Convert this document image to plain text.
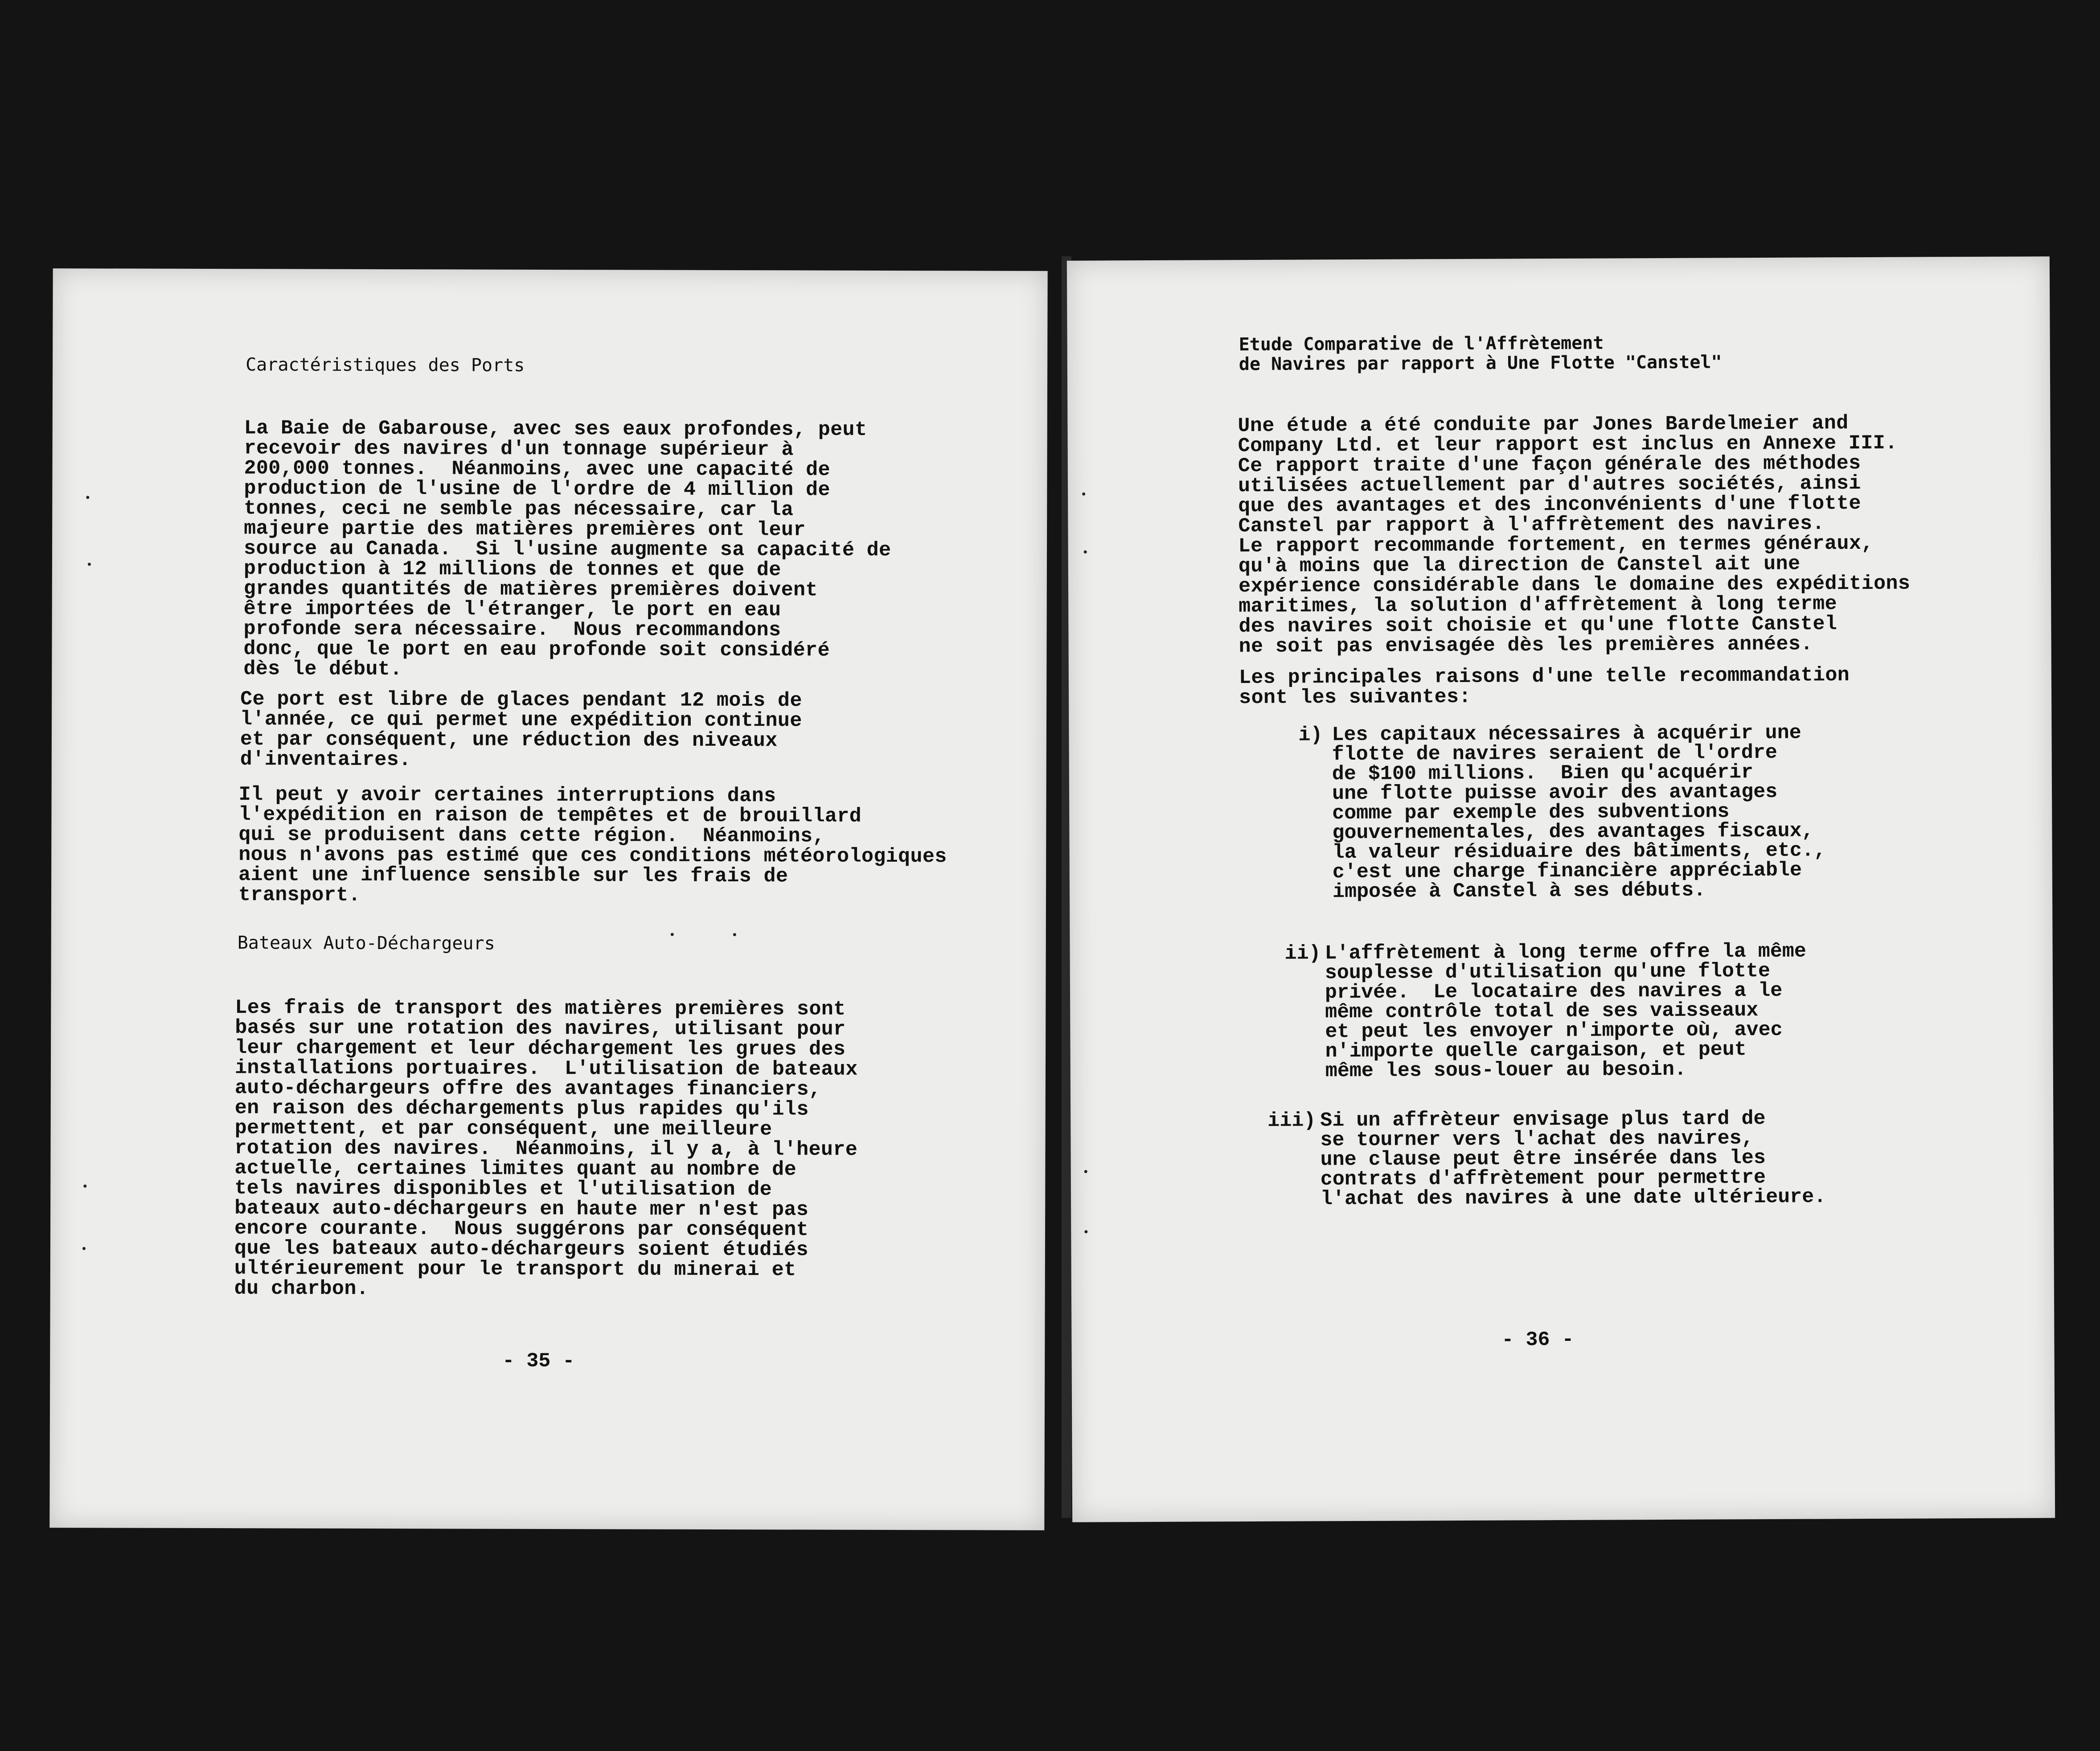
Caractéristiques des Ports
La Baie de Gabarouse, avec ses eaux profondes, peut
recevoir des navires d'un tonnage supérieur à
200,000 tonnes.  Néanmoins, avec une capacité de
production de l'usine de l'ordre de 4 million de
tonnes, ceci ne semble pas nécessaire, car la
majeure partie des matières premières ont leur
source au Canada.  Si l'usine augmente sa capacité de
production à 12 millions de tonnes et que de
grandes quantités de matières premières doivent
être importées de l'étranger, le port en eau
profonde sera nécessaire.  Nous recommandons
donc, que le port en eau profonde soit considéré
dès le début.
Ce port est libre de glaces pendant 12 mois de
l'année, ce qui permet une expédition continue
et par conséquent, une réduction des niveaux
d'inventaires.
Il peut y avoir certaines interruptions dans
l'expédition en raison de tempêtes et de brouillard
qui se produisent dans cette région.  Néanmoins,
nous n'avons pas estimé que ces conditions météorologiques
aient une influence sensible sur les frais de
transport.
Bateaux Auto-Déchargeurs
Les frais de transport des matières premières sont
basés sur une rotation des navires, utilisant pour
leur chargement et leur déchargement les grues des
installations portuaires.  L'utilisation de bateaux
auto-déchargeurs offre des avantages financiers,
en raison des déchargements plus rapides qu'ils
permettent, et par conséquent, une meilleure
rotation des navires.  Néanmoins, il y a, à l'heure
actuelle, certaines limites quant au nombre de
tels navires disponibles et l'utilisation de
bateaux auto-déchargeurs en haute mer n'est pas
encore courante.  Nous suggérons par conséquent
que les bateaux auto-déchargeurs soient étudiés
ultérieurement pour le transport du minerai et
du charbon.
- 35 -
Etude Comparative de l'Affrètement
de Navires par rapport à Une Flotte "Canstel"
Une étude a été conduite par Jones Bardelmeier and
Company Ltd. et leur rapport est inclus en Annexe III.
Ce rapport traite d'une façon générale des méthodes
utilisées actuellement par d'autres sociétés, ainsi
que des avantages et des inconvénients d'une flotte
Canstel par rapport à l'affrètement des navires.
Le rapport recommande fortement, en termes généraux,
qu'à moins que la direction de Canstel ait une
expérience considérable dans le domaine des expéditions
maritimes, la solution d'affrètement à long terme
des navires soit choisie et qu'une flotte Canstel
ne soit pas envisagée dès les premières années.
Les principales raisons d'une telle recommandation
sont les suivantes:
i) Les capitaux nécessaires à acquérir une
flotte de navires seraient de l'ordre
de $100 millions.  Bien qu'acquérir
une flotte puisse avoir des avantages
comme par exemple des subventions
gouvernementales, des avantages fiscaux,
la valeur résiduaire des bâtiments, etc.,
c'est une charge financière appréciable
imposée à Canstel à ses débuts.
ii) L'affrètement à long terme offre la même
souplesse d'utilisation qu'une flotte
privée.  Le locataire des navires a le
même contrôle total de ses vaisseaux
et peut les envoyer n'importe où, avec
n'importe quelle cargaison, et peut
même les sous-louer au besoin.
iii) Si un affrèteur envisage plus tard de
se tourner vers l'achat des navires,
une clause peut être insérée dans les
contrats d'affrètement pour permettre
l'achat des navires à une date ultérieure.
- 36 -
